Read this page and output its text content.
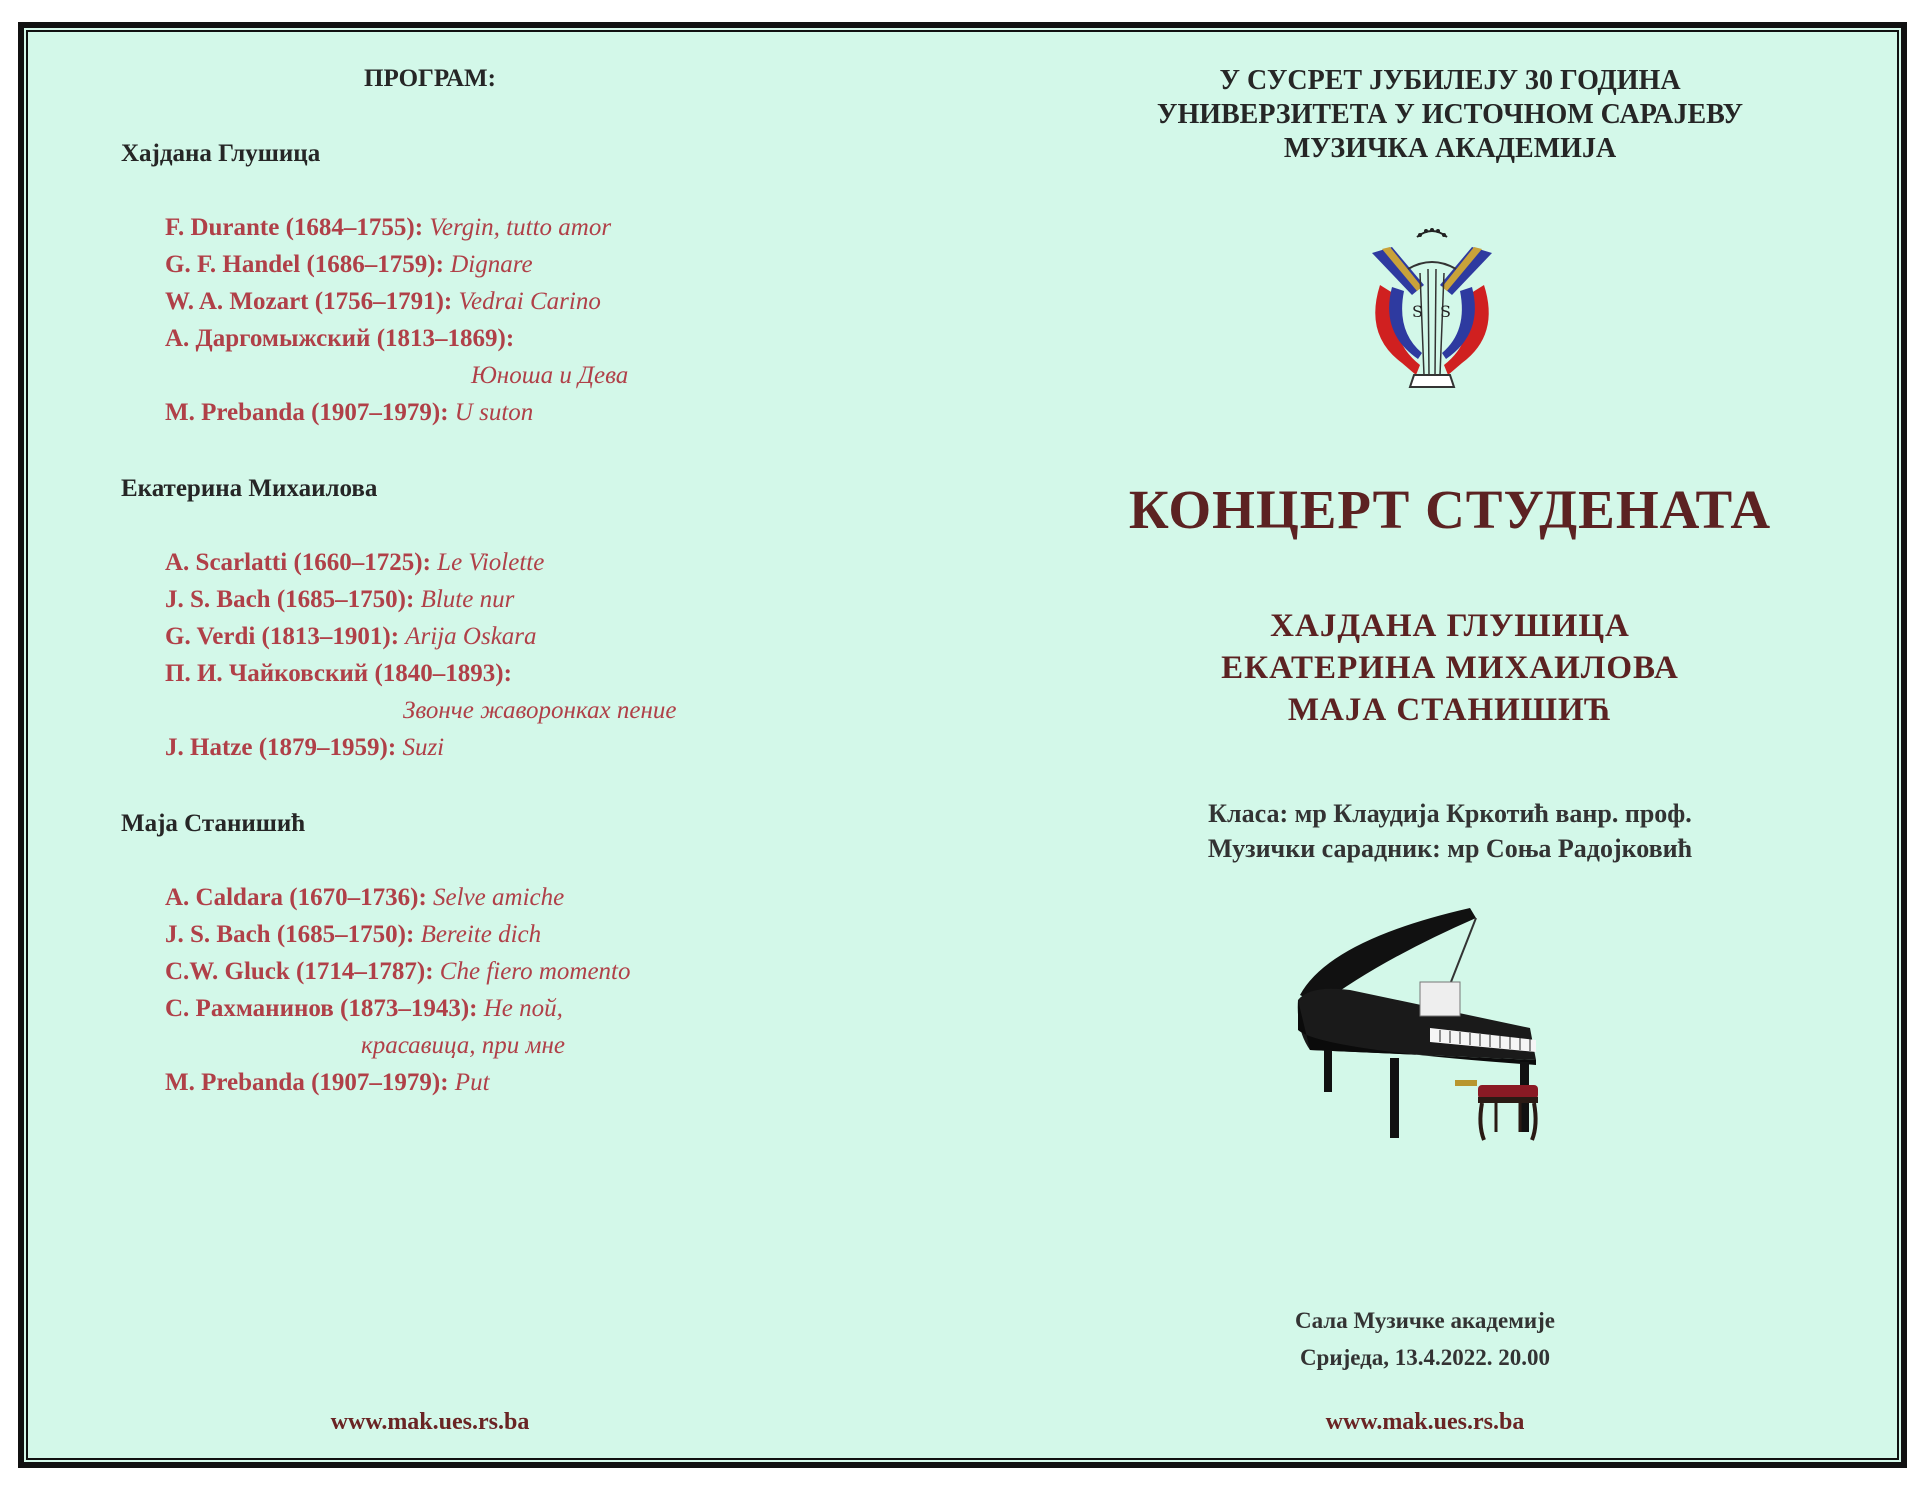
ПРОГРАМ:
Хајдана Глушица
F. Durante (1684–1755): Vergin, tutto amor
G. F. Handel (1686–1759): Dignare
W. A. Mozart (1756–1791): Vedrai Carino
A. Даргомыжский (1813–1869):
Юноша и Дева
M. Prebanda (1907–1979): U suton
Екатерина Михаилова
A. Scarlatti (1660–1725): Le Violette
J. S. Bach (1685–1750): Blute nur
G. Verdi (1813–1901): Arija Oskara
П. И. Чайковский (1840–1893):
Звонче жаворонках пение
J. Hatze (1879–1959): Suzi
Маја Станишић
A. Caldara (1670–1736): Selve amiche
J. S. Bach (1685–1750): Bereite dich
C.W. Gluck (1714–1787): Che fiero momento
С. Рахманинов (1873–1943): Не пой,
красавица, при мне
M. Prebanda (1907–1979): Put
www.mak.ues.rs.ba
У СУСРЕТ ЈУБИЛЕЈУ 30 ГОДИНА
УНИВЕРЗИТЕТА У ИСТОЧНОМ САРАЈЕВУ
МУЗИЧКА АКАДЕМИЈА
S S
КОНЦЕРТ СТУДЕНАТА
ХАЈДАНА ГЛУШИЦА
ЕКАТЕРИНА МИХАИЛОВА
МАЈА СТАНИШИЋ
Класа: мр Клаудија Кркотић ванр. проф.
Музички сарадник: мр Соња Радојковић
Сала Музичке академије
Сриједа, 13.4.2022. 20.00
www.mak.ues.rs.ba
